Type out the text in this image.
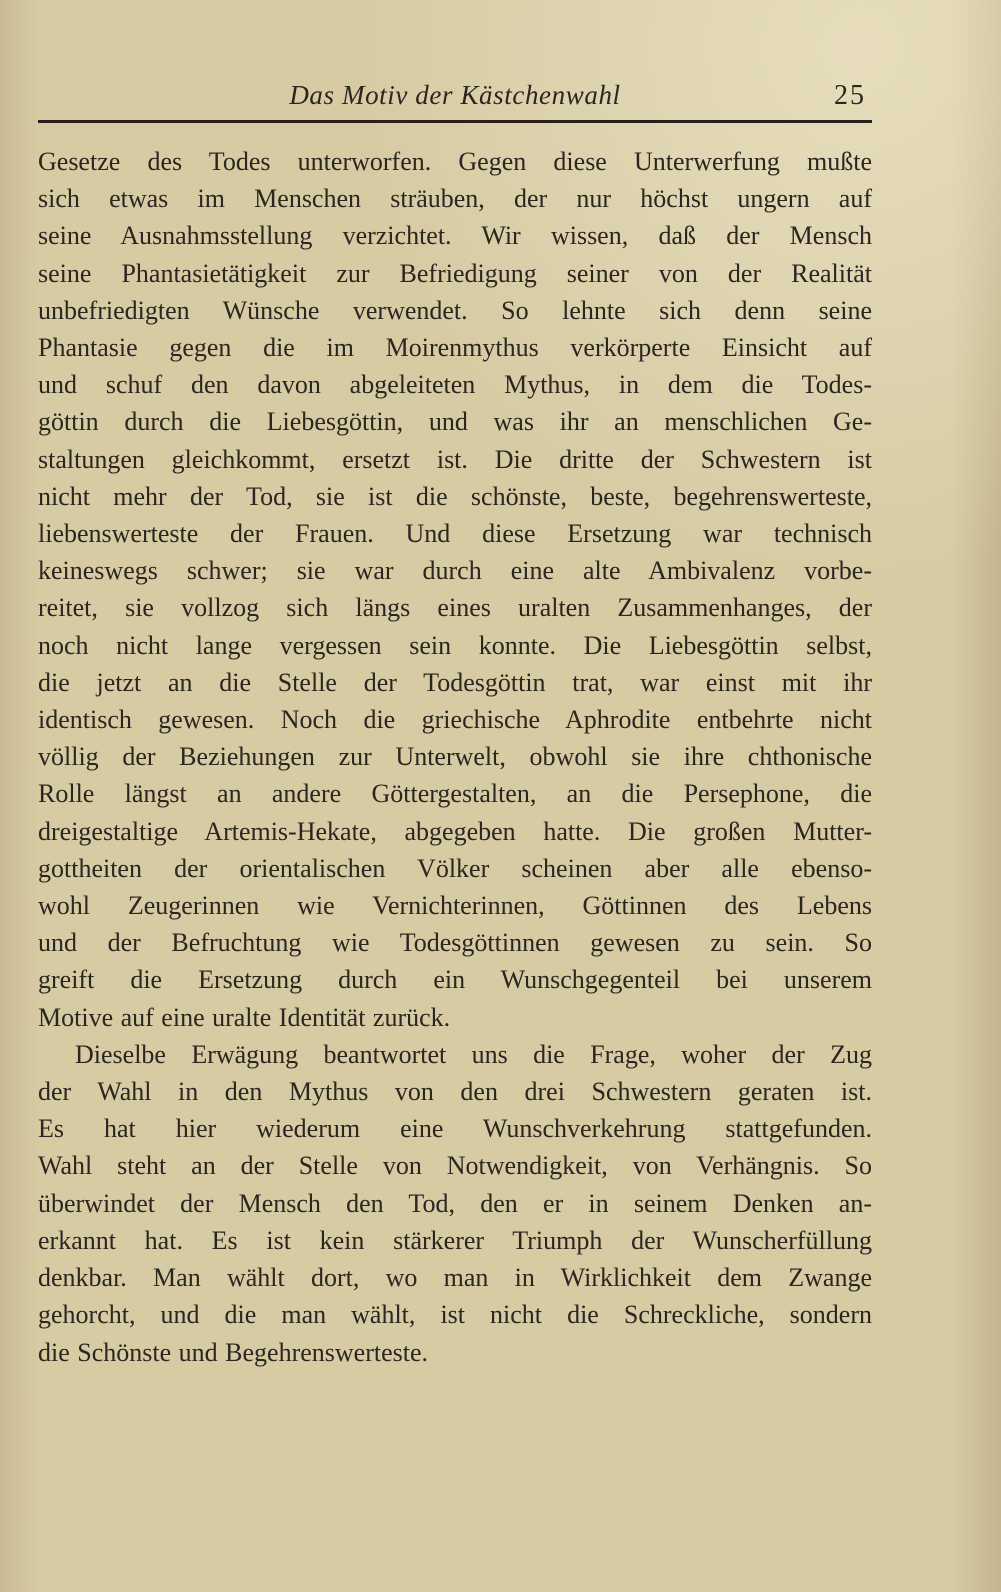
Das Motiv der Kästchenwahl	25
Gesetze des Todes unterworfen. Gegen diese Unterwerfung mußte
sich etwas im Menschen sträuben, der nur höchst ungern auf
seine Ausnahmsstellung verzichtet. Wir wissen, daß der Mensch
seine Phantasietätigkeit zur Befriedigung seiner von der Realität
unbefriedigten Wünsche verwendet. So lehnte sich denn seine
Phantasie gegen die im Moirenmythus verkörperte Einsicht auf
und schuf den davon abgeleiteten Mythus, in dem die Todes-
göttin durch die Liebesgöttin, und was ihr an menschlichen Ge-
staltungen gleichkommt, ersetzt ist. Die dritte der Schwestern ist
nicht mehr der Tod, sie ist die schönste, beste, begehrenswerteste,
liebenswerteste der Frauen. Und diese Ersetzung war technisch
keineswegs schwer; sie war durch eine alte Ambivalenz vorbe-
reitet, sie vollzog sich längs eines uralten Zusammenhanges, der
noch nicht lange vergessen sein konnte. Die Liebesgöttin selbst,
die jetzt an die Stelle der Todesgöttin trat, war einst mit ihr
identisch gewesen. Noch die griechische Aphrodite entbehrte nicht
völlig der Beziehungen zur Unterwelt, obwohl sie ihre chthonische
Rolle längst an andere Göttergestalten, an die Persephone, die
dreigestaltige Artemis-Hekate, abgegeben hatte. Die großen Mutter-
gottheiten der orientalischen Völker scheinen aber alle ebenso-
wohl Zeugerinnen wie Vernichterinnen, Göttinnen des Lebens
und der Befruchtung wie Todesgöttinnen gewesen zu sein. So
greift die Ersetzung durch ein Wunschgegenteil bei unserem
Motive auf eine uralte Identität zurück.
Dieselbe Erwägung beantwortet uns die Frage, woher der Zug
der Wahl in den Mythus von den drei Schwestern geraten ist.
Es hat hier wiederum eine Wunschverkehrung stattgefunden.
Wahl steht an der Stelle von Notwendigkeit, von Verhängnis. So
überwindet der Mensch den Tod, den er in seinem Denken an-
erkannt hat. Es ist kein stärkerer Triumph der Wunscherfüllung
denkbar. Man wählt dort, wo man in Wirklichkeit dem Zwange
gehorcht, und die man wählt, ist nicht die Schreckliche, sondern
die Schönste und Begehrenswerteste.
